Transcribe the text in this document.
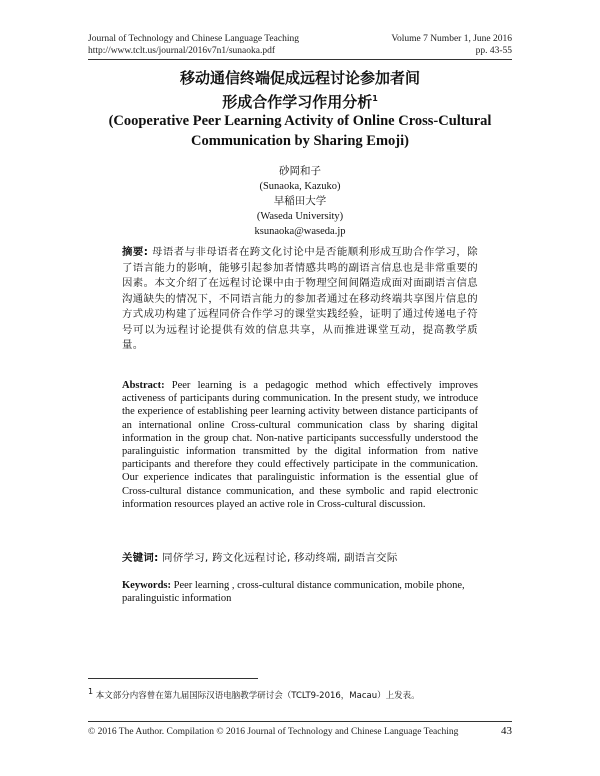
Journal of Technology and Chinese Language Teaching	Volume 7 Number 1, June 2016
http://www.tclt.us/journal/2016v7n1/sunaoka.pdf	pp. 43-55
移动通信终端促成远程讨论参加者间
形成合作学习作用分析$^1$
(Cooperative Peer Learning Activity of Online Cross-Cultural
Communication by Sharing Emoji)
砂岡和子
(Sunaoka, Kazuko)
早稲田大学
(Waseda University)
ksunaoka@waseda.jp
摘要: 母语者与非母语者在跨文化讨论中是否能顺利形成互助合作学习，除了语言能力的影响，能够引起参加者情感共鸣的副语言信息也是非常重要的因素。本文介绍了在远程讨论课中由于物理空间间隔造成面对面副语言信息沟通缺失的情况下，不同语言能力的参加者通过在移动终端共享图片信息的方式成功构建了远程同侪合作学习的课堂实践经验，证明了通过传递电子符号可以为远程讨论提供有效的信息共享，从而推进课堂互动，提高教学质量。
Abstract: Peer learning is a pedagogic method which effectively improves activeness of participants during communication. In the present study, we introduce the experience of establishing peer learning activity between distance participants of an international online Cross-cultural communication class by sharing digital information in the group chat. Non-native participants successfully understood the paralinguistic information transmitted by the digital information from native participants and therefore they could effectively participate in the communication. Our experience indicates that paralinguistic information is the essential glue of Cross-cultural distance communication, and these symbolic and rapid electronic information resources played an active role in Cross-cultural discussion.
关键词: 同侪学习, 跨文化远程讨论, 移动终端, 副语言交际
Keywords: Peer learning , cross-cultural distance communication, mobile phone, paralinguistic information
$^1$ 本文部分内容曾在第九届国际汉语电脑教学研讨会（TCLT9-2016，Macau）上发表。
© 2016 The Author. Compilation © 2016 Journal of Technology and Chinese Language Teaching	43
